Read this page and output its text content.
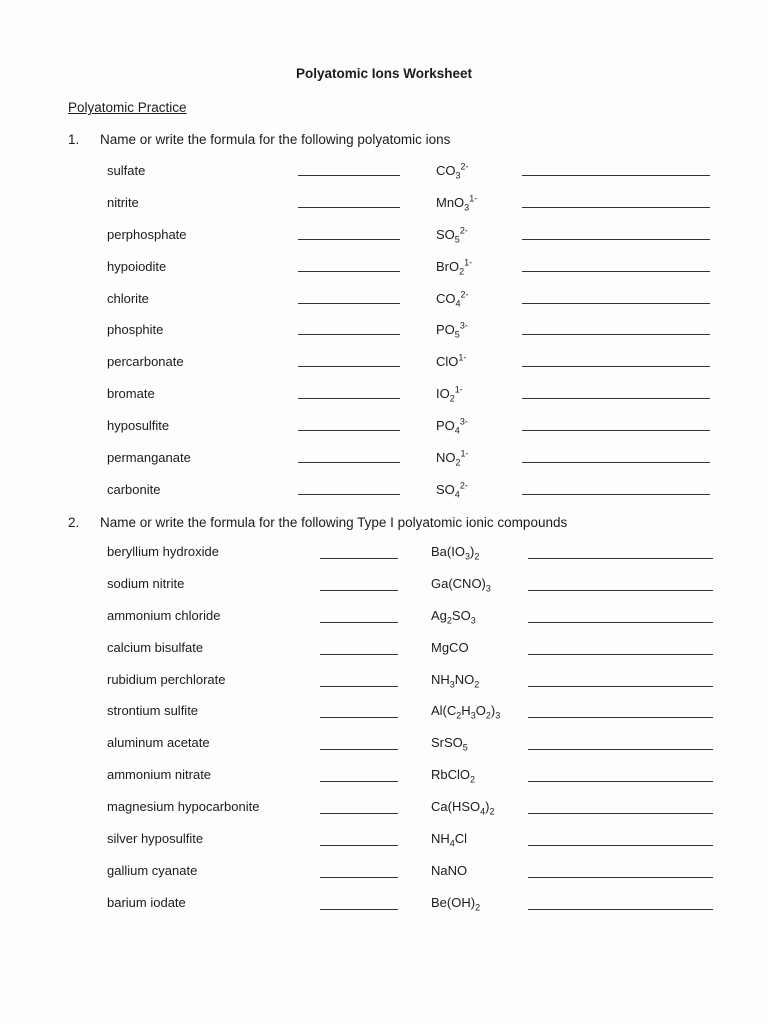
Polyatomic Ions Worksheet
Polyatomic Practice
1.	Name or write the formula for the following polyatomic ions
sulfate	$CO_3^{2-}$
nitrite	MnO$_3^{1-}$
perphosphate	$SO_5^{2-}$
hypoiodite	BrO$_2^{1-}$
chlorite	$CO_4^{2-}$
phosphite	$PO_5^{3-}$
percarbonate	ClO$^{1-}$
bromate	$IO_2^{1-}$
hyposulfite	$PO_4^{3-}$
permanganate	$NO_2^{1-}$
carbonite	$SO_4^{2-}$
2.	Name or write the formula for the following Type I polyatomic ionic compounds
beryllium hydroxide	$Ba(IO_3)_2$
sodium nitrite	$Ga(CNO)_3$
ammonium chloride	$Ag_2SO_3$
calcium bisulfate	MgCO
rubidium perchlorate	$NH_3NO_2$
strontium sulfite	$Al(C_2H_3O_2)_3$
aluminum acetate	SrSO$_5$
ammonium nitrate	RbClO$_2$
magnesium hypocarbonite	$Ca(HSO_4)_2$
silver hyposulfite	$NH_4Cl$
gallium cyanate	NaNO
barium iodate	$Be(OH)_2$
